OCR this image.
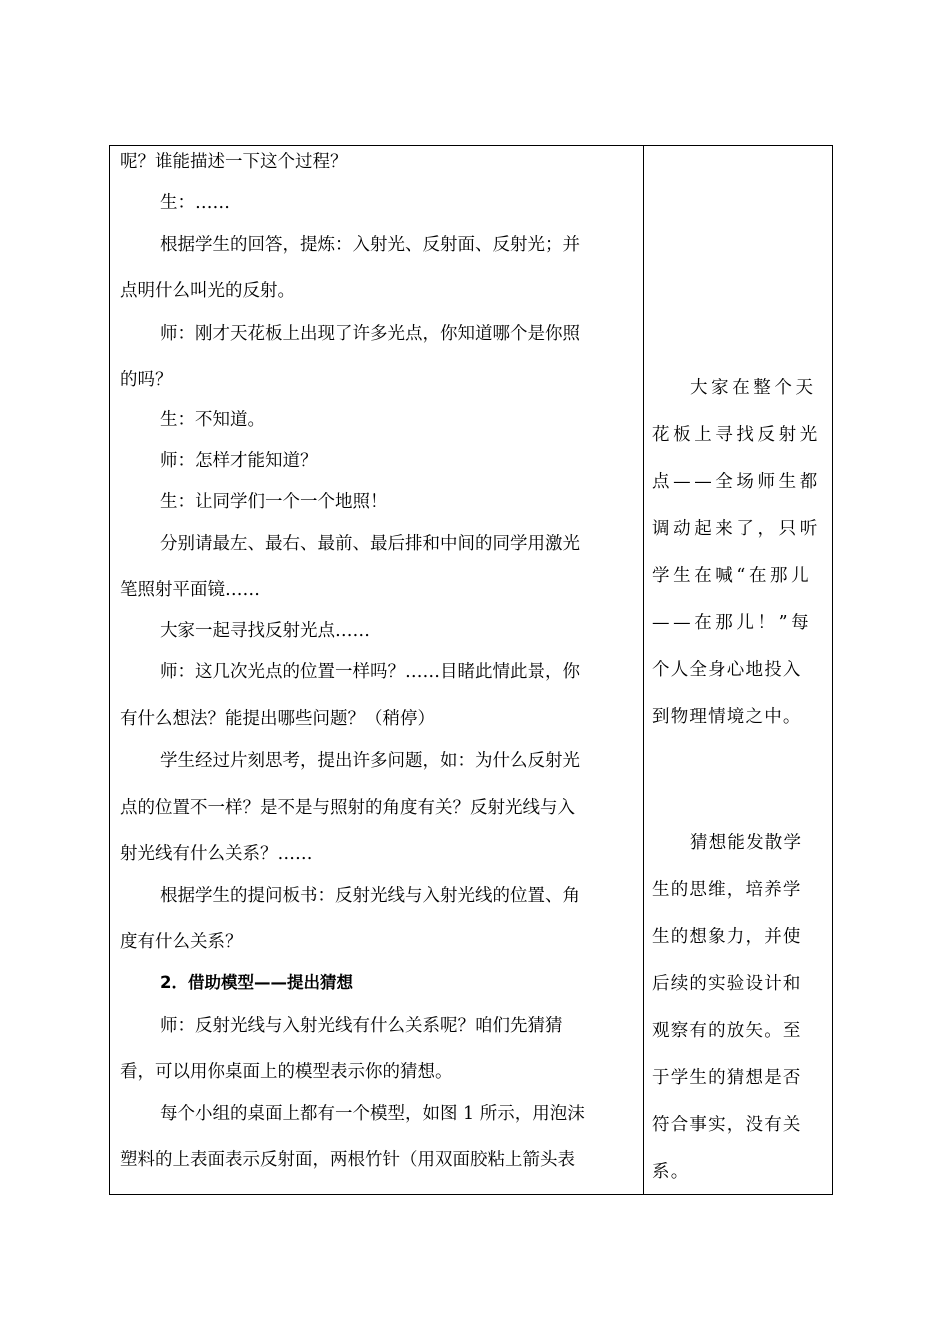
呢？谁能描述一下这个过程？
生：……
根据学生的回答，提炼：入射光、反射面、反射光；并
点明什么叫光的反射。
师：刚才天花板上出现了许多光点，你知道哪个是你照
的吗？
生：不知道。
师：怎样才能知道？
生：让同学们一个一个地照！
分别请最左、最右、最前、最后排和中间的同学用激光
笔照射平面镜……
大家一起寻找反射光点……
师：这几次光点的位置一样吗？……目睹此情此景，你
有什么想法？能提出哪些问题？（稍停）
学生经过片刻思考，提出许多问题，如：为什么反射光
点的位置不一样？是不是与照射的角度有关？反射光线与入
射光线有什么关系？……
根据学生的提问板书：反射光线与入射光线的位置、角
度有什么关系？
2．借助模型——提出猜想
师：反射光线与入射光线有什么关系呢？咱们先猜猜
看，可以用你桌面上的模型表示你的猜想。
每个小组的桌面上都有一个模型，如图 1 所示，用泡沫
塑料的上表面表示反射面，两根竹针（用双面胶粘上箭头表
大家在整个天
花板上寻找反射光
点——全场师生都
调动起来了，只听
学生在喊“在那儿
——在那儿！”每
个人全身心地投入
到物理情境之中。
猜想能发散学
生的思维，培养学
生的想象力，并使
后续的实验设计和
观察有的放矢。至
于学生的猜想是否
符合事实，没有关
系。
